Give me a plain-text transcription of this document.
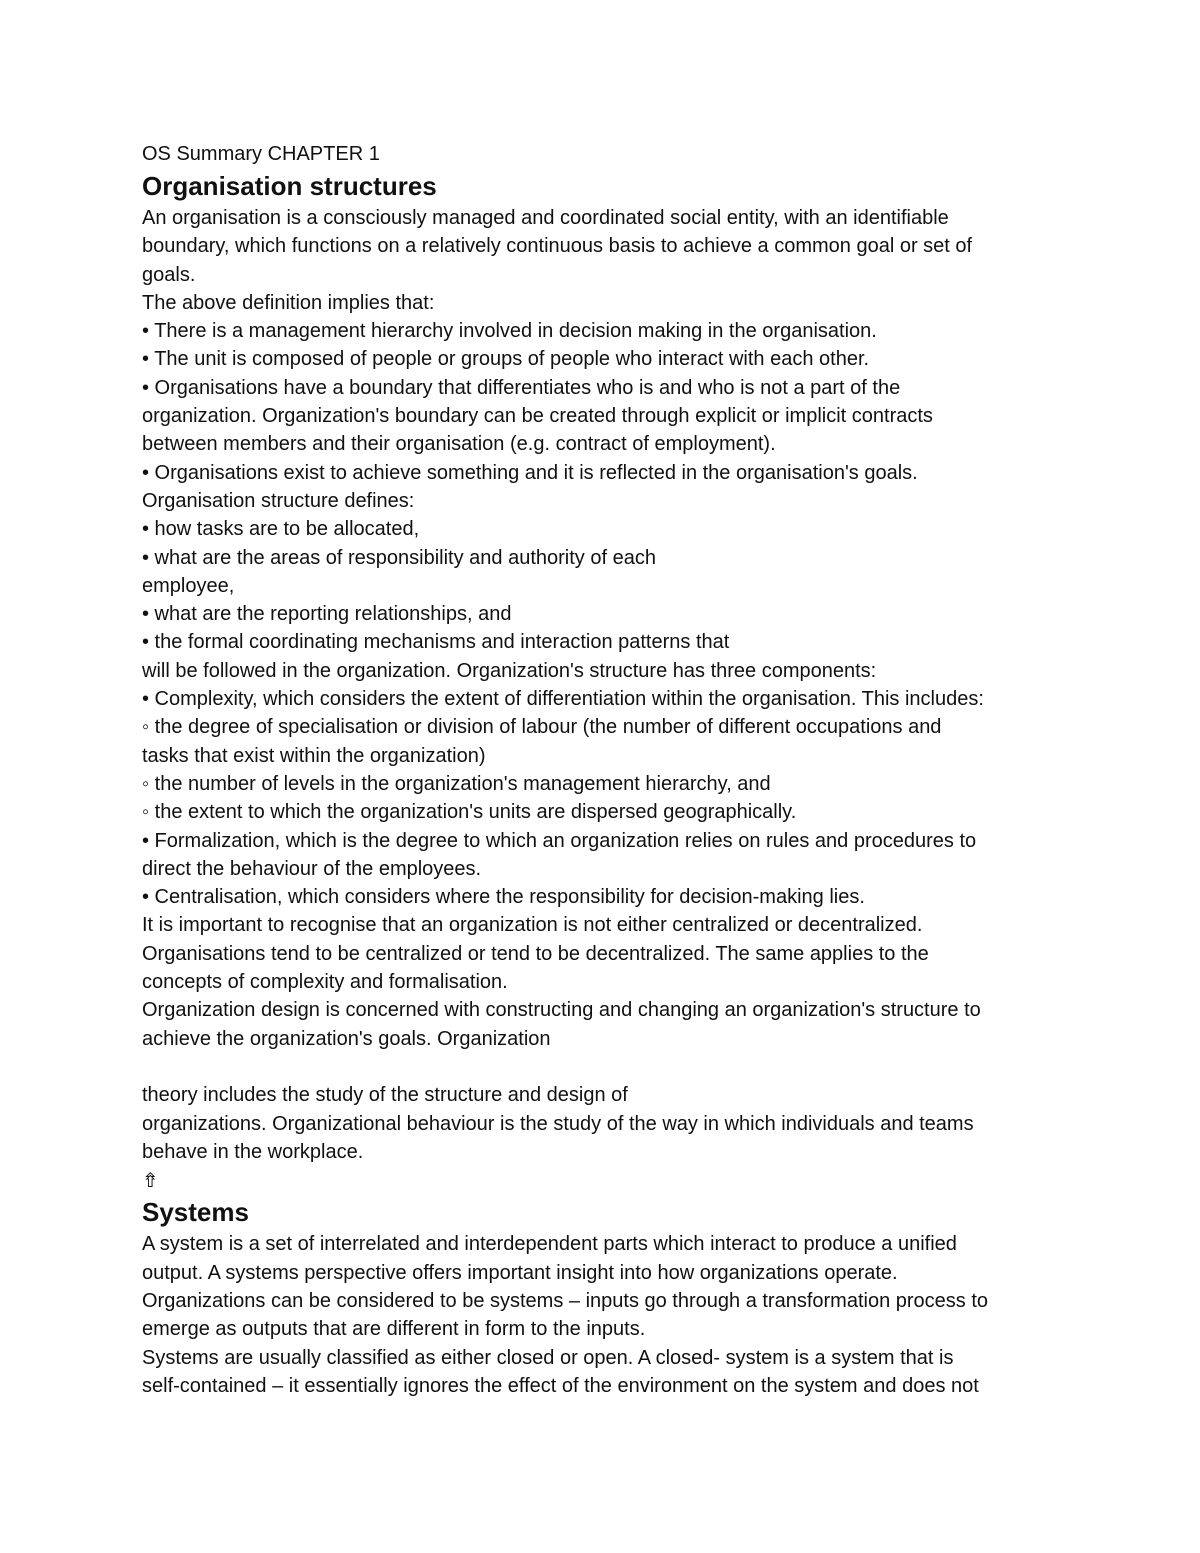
OS Summary CHAPTER 1

Organisation structures

An organisation is a consciously managed and coordinated social entity, with an identifiable

boundary, which functions on a relatively continuous basis to achieve a common goal or set of

goals.

The above definition implies that:

• There is a management hierarchy involved in decision making in the organisation.

• The unit is composed of people or groups of people who interact with each other.

• Organisations have a boundary that differentiates who is and who is not a part of the

organization. Organization's boundary can be created through explicit or implicit contracts

between members and their organisation (e.g. contract of employment).

• Organisations exist to achieve something and it is reflected in the organisation's goals.

Organisation structure defines:

• how tasks are to be allocated,

• what are the areas of responsibility and authority of each

employee,

• what are the reporting relationships, and

• the formal coordinating mechanisms and interaction patterns that

will be followed in the organization. Organization's structure has three components:

• Complexity, which considers the extent of differentiation within the organisation. This includes:

◦ the degree of specialisation or division of labour (the number of different occupations and

tasks that exist within the organization)

◦ the number of levels in the organization's management hierarchy, and

◦ the extent to which the organization's units are dispersed geographically.

• Formalization, which is the degree to which an organization relies on rules and procedures to

direct the behaviour of the employees.

• Centralisation, which considers where the responsibility for decision-making lies.

It is important to recognise that an organization is not either centralized or decentralized.

Organisations tend to be centralized or tend to be decentralized. The same applies to the

concepts of complexity and formalisation.

Organization design is concerned with constructing and changing an organization's structure to

achieve the organization's goals. Organization

theory includes the study of the structure and design of

organizations. Organizational behaviour is the study of the way in which individuals and teams

behave in the workplace.

⇮

Systems

A system is a set of interrelated and interdependent parts which interact to produce a unified

output. A systems perspective offers important insight into how organizations operate.

Organizations can be considered to be systems – inputs go through a transformation process to

emerge as outputs that are different in form to the inputs.

Systems are usually classified as either closed or open. A closed- system is a system that is

self-contained – it essentially ignores the effect of the environment on the system and does not
